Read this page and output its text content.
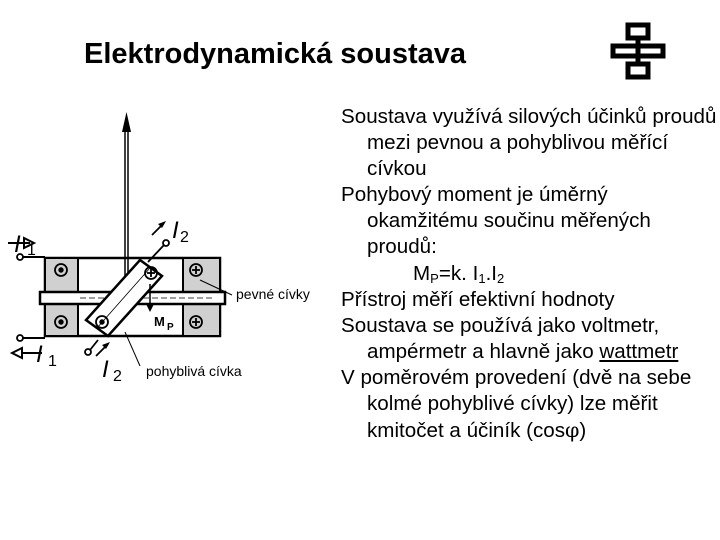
Elektrodynamická soustava
I 1
I 2
I 1 I 2
M P
pevné cívky
pohyblivá cívka
Soustava využívá silových účinků proudů mezi pevnou a pohyblivou měřící cívkou
Pohybový moment je úměrný okamžitému součinu měřených proudů:
$M_P=k$. $I_1.I_2$
Přístroj měří efektivní hodnoty
Soustava se používá jako voltmetr, ampérmetr a hlavně jako wattmetr
V poměrovém provedení (dvě na sebe kolmé pohyblivé cívky) lze měřit kmitočet a účiník (cosφ)
